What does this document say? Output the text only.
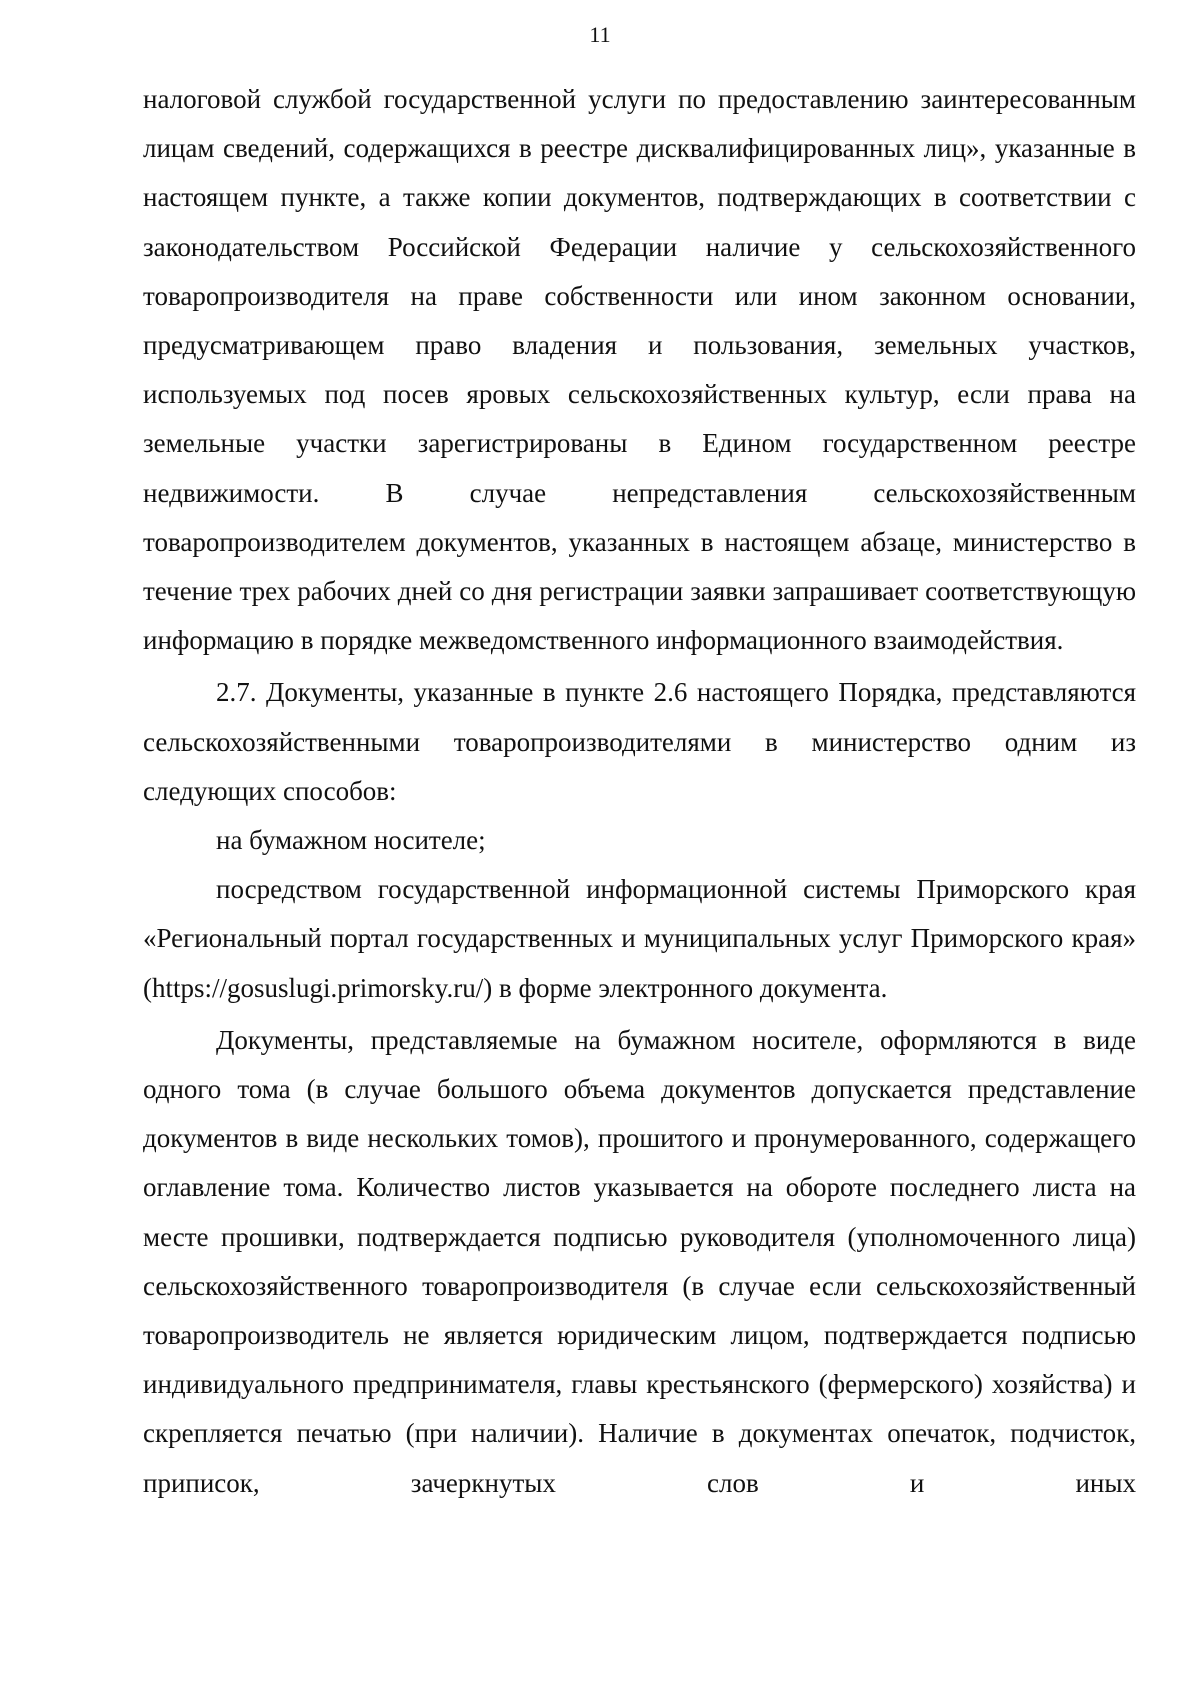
11

налоговой службой государственной услуги по предоставлению заинтересованным лицам сведений, содержащихся в реестре дисквалифицированных лиц», указанные в настоящем пункте, а также копии документов, подтверждающих в соответствии с законодательством Российской Федерации наличие у сельскохозяйственного товаропроизводителя на праве собственности или ином законном основании, предусматривающем право владения и пользования, земельных участков, используемых под посев яровых сельскохозяйственных культур, если права на земельные участки зарегистрированы в Едином государственном реестре недвижимости. В случае непредставления сельскохозяйственным товаропроизводителем документов, указанных в настоящем абзаце, министерство в течение трех рабочих дней со дня регистрации заявки запрашивает соответствующую информацию в порядке межведомственного информационного взаимодействия.

2.7. Документы, указанные в пункте 2.6 настоящего Порядка, представляются сельскохозяйственными товаропроизводителями в министерство одним из следующих способов:

на бумажном носителе;

посредством государственной информационной системы Приморского края «Региональный портал государственных и муниципальных услуг Приморского края» (https://gosuslugi.primorsky.ru/) в форме электронного документа.

Документы, представляемые на бумажном носителе, оформляются в виде одного тома (в случае большого объема документов допускается представление документов в виде нескольких томов), прошитого и пронумерованного, содержащего оглавление тома. Количество листов указывается на обороте последнего листа на месте прошивки, подтверждается подписью руководителя (уполномоченного лица) сельскохозяйственного товаропроизводителя (в случае если сельскохозяйственный товаропроизводитель не является юридическим лицом, подтверждается подписью индивидуального предпринимателя, главы крестьянского (фермерского) хозяйства) и скрепляется печатью (при наличии). Наличие в документах опечаток, подчисток, приписок, зачеркнутых слов и иных
